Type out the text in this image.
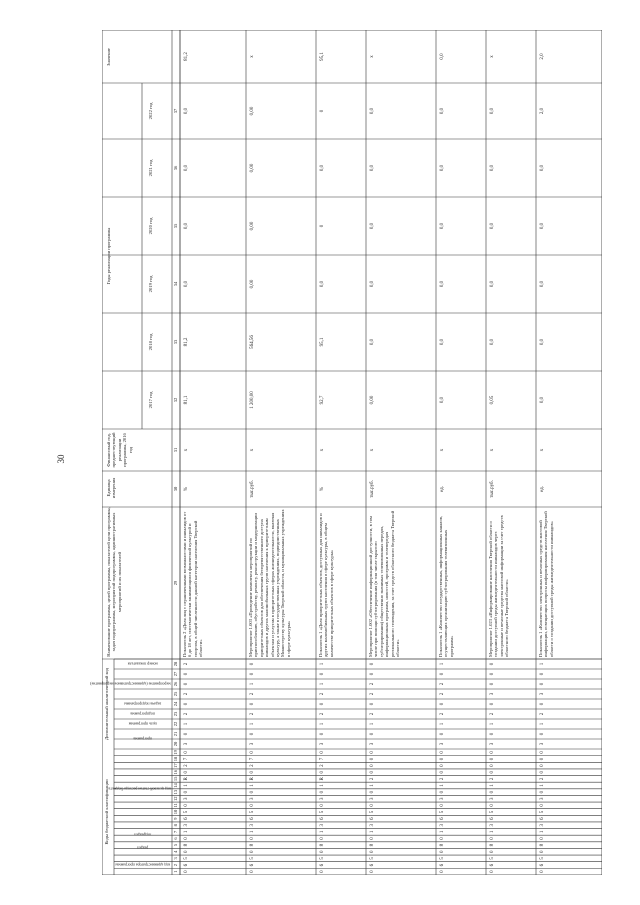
30
Коды бюджетной классификации
Дополнительный аналитический код
Наименование программы, целей программы, показателей цели программы, задач подпрограммы, мероприятий подпрограммы, административных мероприятий и их показателей
Единица измерения
Финансовый год, предшествующий реализации программы, 2016 год
Годы реализации программы
Значение
2017 год
2018 год
2019 год
2020 год
2021 год
2022 год
0
6
5
0
8
0
1
3
6
5
0
3
0
1
R
0
2
7
0
3
0
1
2
0
2
0
0
2
Показатель 2 «Доля лиц с ограниченными возможностями и инвалидов от 6 до 18 лет, систематически занимающихся физической культурой и спортом, в общей численности данной категории населения Тверской области»
%
х
81,1
81,2
0,0
0,0
0,0
0,0
81,2
0
6
5
0
8
0
1
3
6
5
0
3
0
1
R
0
2
7
0
3
0
1
2
0
2
1
0
0
Мероприятие 1.003 «Проведение комплекса мероприятий по приспособлению, обустройству, ремонту, реконструкции и модернизации приоритетных объектов для обеспечения беспрепятственного доступа инвалидов и других маломобильных групп населения к приоритетным объектам и услугам в приоритетных сферах жизнедеятельности, включая культуру, а также в государственных учреждениях, подведомственных Министерству культуры Тверской области, и муниципальных учреждениях в сфере культуры»
тыс.руб.
х
1 200,00
564,56
0,00
0,00
0,00
0,00
х
0
6
5
0
8
0
1
3
6
5
0
3
0
1
R
0
2
7
0
3
0
1
2
0
2
1
0
1
Показатель 1 «Доля приоритетных объектов, доступных для инвалидов и других маломобильных групп населения в сфере культуры, в общем количестве приоритетных объектов в сфере культуры»
%
х
92,7
95,1
0,0
0
0,0
0
95,1
0
6
5
0
8
0
1
3
6
5
0
3
0
1
2
0
0
0
0
3
0
1
2
0
2
2
0
0
Мероприятие 1.002 «Обеспечение информационной доступности, в том числе при помощи субтитрирования (в том числе скрытого субтитрирования) общественно значимых телевизионных передач, информационных программ, новостей, программ и телепередач регионального телевидения, за счет средств областного бюджета Тверской области»
тыс.руб.
х
0,00
0,0
0,0
0,0
0,0
0,0
х
0
6
5
0
8
0
1
3
6
5
0
3
0
1
2
0
0
0
0
3
0
1
2
0
2
2
0
1
Показатель 1 «Количество государственных, информационных каналов, осуществляющих организацию субтитрирования телевизионных программ»
ед.
х
0,0
0,0
0,0
0,0
0,0
0,0
0,0
0
6
5
0
8
0
1
3
6
5
0
3
0
1
2
0
0
0
0
3
0
1
2
0
3
0
0
0
Мероприятие 1.023 «Информирование населения Тверской области о создании доступной среды жизнедеятельности инвалидов через электронные и печатные средства массовой информации за счет средств областного бюджета Тверской области»
тыс.руб.
х
0,05
0,0
0,0
0,0
0,0
0,0
х
0
6
5
0
8
0
1
3
6
5
0
3
0
1
2
0
0
0
0
3
0
1
2
0
3
0
0
1
Показатель 1 «Количество электронных и печатных средств массовой информации, освещающих вопросы информирования населения Тверской области о создании доступной среды жизнедеятельности инвалидов»
ед.
х
0,0
0,0
0,0
0,0
0,0
2,0
2,0
код администратора программы
раздел
подраздел
код целевой статьи расхода бюджета
программа
цель программы
подпрограмма
задача подпрограммы
мероприятие (административное мероприятие)
номер показателя
1
2
3
4
5
6
7
8
9
10
11
12
13
14
15
16
17
18
19
20
21
22
23
24
25
26
27
28
29
30
31
32
33
34
35
36
37
